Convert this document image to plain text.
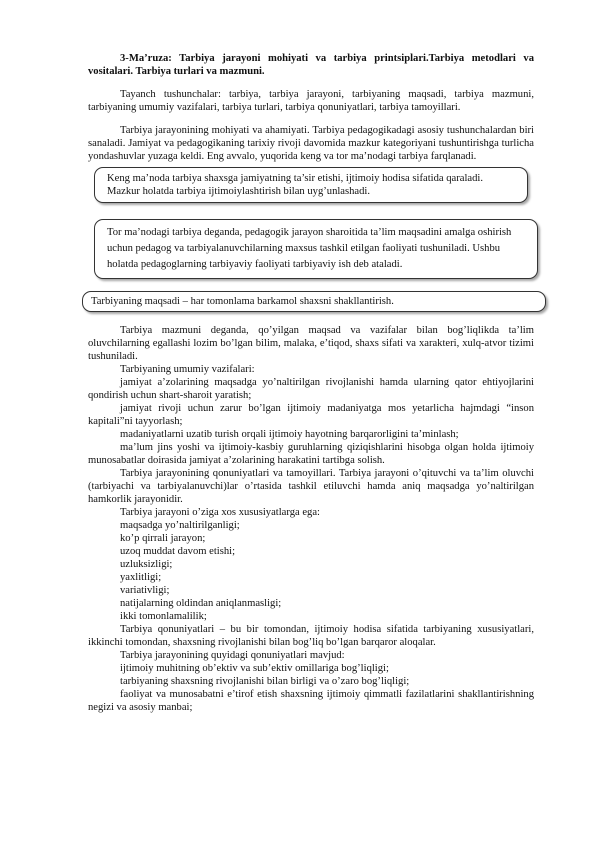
3-Ma’ruza: Tarbiya jarayoni mohiyati va tarbiya printsiplari.Tarbiya metodlari va vositalari. Tarbiya turlari va mazmuni.

Tayanch tushunchalar: tarbiya, tarbiya jarayoni, tarbiyaning maqsadi, tarbiya mazmuni, tarbiyaning umumiy vazifalari, tarbiya turlari, tarbiya qonuniyatlari, tarbiya tamoyillari.

Tarbiya jarayonining mohiyati va ahamiyati. Tarbiya pedagogikadagi asosiy tushunchalardan biri sanaladi. Jamiyat va pedagogikaning tarixiy rivoji davomida mazkur kategoriyani tushuntirishga turlicha yondashuvlar yuzaga keldi. Eng avvalo, yuqorida keng va tor ma’nodagi tarbiya farqlanadi.

Keng ma’noda tarbiya shaxsga jamiyatning ta’sir etishi, ijtimoiy hodisa sifatida qaraladi. Mazkur holatda tarbiya ijtimoiylashtirish bilan uyg’unlashadi.

Tor ma’nodagi tarbiya deganda, pedagogik jarayon sharoitida ta’lim maqsadini amalga oshirish uchun pedagog va tarbiyalanuvchilarning maxsus tashkil etilgan faoliyati tushuniladi. Ushbu holatda pedagoglarning tarbiyaviy faoliyati tarbiyaviy ish deb ataladi.

Tarbiyaning maqsadi – har tomonlama barkamol shaxsni shakllantirish.

Tarbiya mazmuni deganda, qo’yilgan maqsad va vazifalar bilan bog’liqlikda ta’lim oluvchilarning egallashi lozim bo’lgan bilim, malaka, e’tiqod, shaxs sifati va xarakteri, xulq-atvor tizimi tushuniladi.

Tarbiyaning umumiy vazifalari:

jamiyat a’zolarining maqsadga yo’naltirilgan rivojlanishi hamda ularning qator ehtiyojlarini qondirish uchun shart-sharoit yaratish;

jamiyat rivoji uchun zarur bo’lgan ijtimoiy madaniyatga mos yetarlicha hajmdagi “inson kapitali”ni tayyorlash;

madaniyatlarni uzatib turish orqali ijtimoiy hayotning barqarorligini ta’minlash;

ma’lum jins yoshi va ijtimoiy-kasbiy guruhlarning qiziqishlarini hisobga olgan holda ijtimoiy munosabatlar doirasida jamiyat a’zolarining harakatini tartibga solish.

Tarbiya jarayonining qonuniyatlari va tamoyillari. Tarbiya jarayoni o’qituvchi va ta’lim oluvchi (tarbiyachi va tarbiyalanuvchi)lar o’rtasida tashkil etiluvchi hamda aniq maqsadga yo’naltirilgan hamkorlik jarayonidir.

Tarbiya jarayoni o’ziga xos xususiyatlarga ega:

maqsadga yo’naltirilganligi;

ko’p qirrali jarayon;

uzoq muddat davom etishi;

uzluksizligi;

yaxlitligi;

variativligi;

natijalarning oldindan aniqlanmasligi;

ikki tomonlamalilik;

Tarbiya qonuniyatlari – bu bir tomondan, ijtimoiy hodisa sifatida tarbiyaning xususiyatlari, ikkinchi tomondan, shaxsning rivojlanishi bilan bog’liq bo’lgan barqaror aloqalar.

Tarbiya jarayonining quyidagi qonuniyatlari mavjud:

ijtimoiy muhitning ob’ektiv va sub’ektiv omillariga bog’liqligi;

tarbiyaning shaxsning rivojlanishi bilan birligi va o’zaro bog’liqligi;

faoliyat va munosabatni e’tirof etish shaxsning ijtimoiy qimmatli fazilatlarini shakllantirishning negizi va asosiy manbai;
